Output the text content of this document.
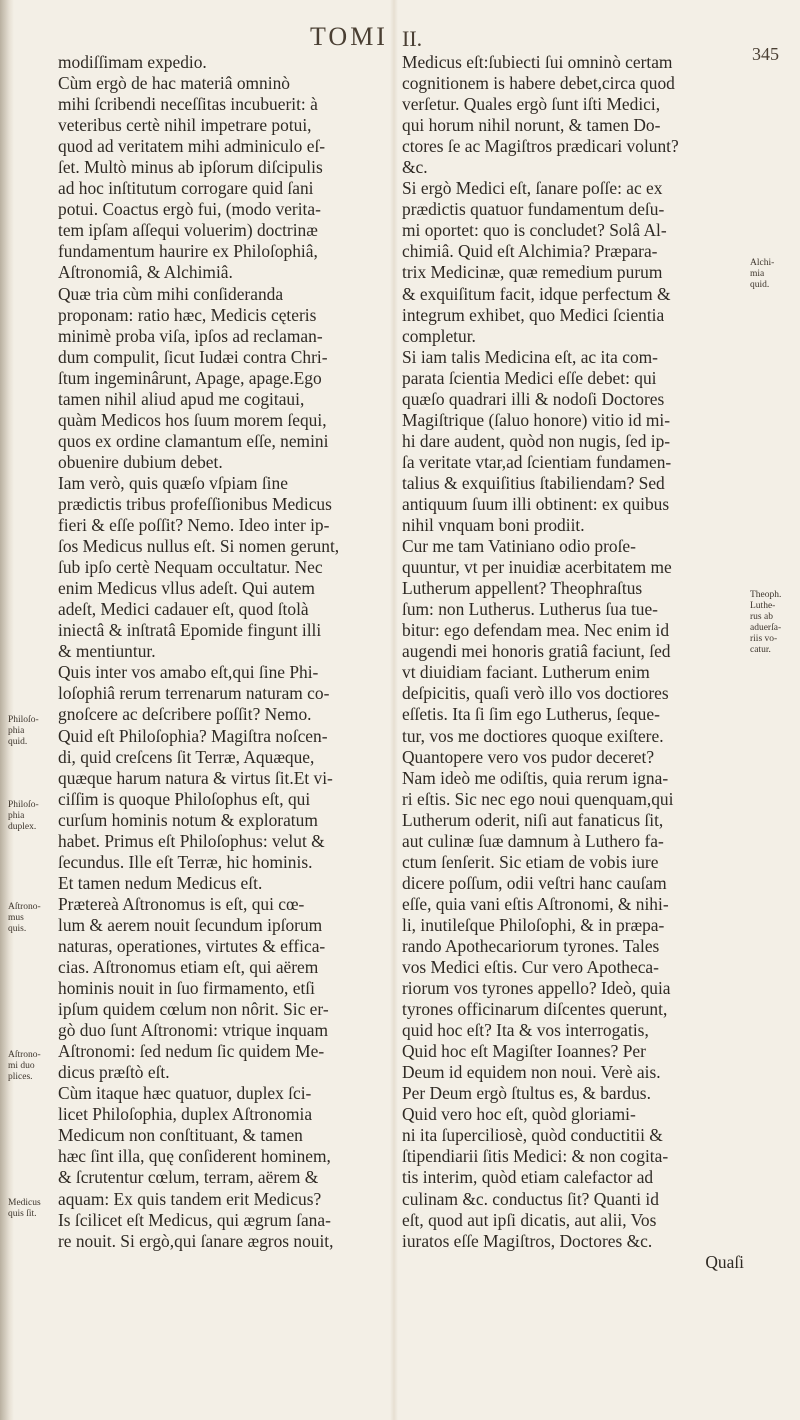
TOMI II.
345
modiſſimam expedio.
Cùm ergò de hac materiâ omninò
mihi ſcribendi neceſſitas incubuerit: à
veteribus certè nihil impetrare potui,
quod ad veritatem mihi adminiculo eſ-
ſet. Multò minus ab ipſorum diſcipulis
ad hoc inſtitutum corrogare quid ſani
potui. Coactus ergò fui, (modo verita-
tem ipſam aſſequi voluerim) doctrinæ
fundamentum haurire ex Philoſophiâ,
Aſtronomiâ, & Alchimiâ.
Quæ tria cùm mihi conſideranda
proponam: ratio hæc, Medicis cęteris
minimè proba viſa, ipſos ad reclaman-
dum compulit, ſicut Iudæi contra Chri-
ſtum ingeminârunt, Apage, apage.Ego
tamen nihil aliud apud me cogitaui,
quàm Medicos hos ſuum morem ſequi,
quos ex ordine clamantum eſſe, nemini
obuenire dubium debet.
Iam verò, quis quæſo vſpiam ſine
prædictis tribus profeſſionibus Medicus
fieri & eſſe poſſit? Nemo. Ideo inter ip-
ſos Medicus nullus eſt. Si nomen gerunt,
ſub ipſo certè Nequam occultatur. Nec
enim Medicus vllus adeſt. Qui autem
adeſt, Medici cadauer eſt, quod ſtolà
iniectâ & inſtratâ Epomide fingunt illi
& mentiuntur.
Quis inter vos amabo eſt,qui ſine Phi-
loſophiâ rerum terrenarum naturam co-
gnoſcere ac deſcribere poſſit? Nemo.
Quid eſt Philoſophia? Magiſtra noſcen-
di, quid creſcens ſit Terræ, Aquæque,
quæque harum natura & virtus ſit.Et vi-
ciſſim is quoque Philoſophus eſt, qui
curſum hominis notum & exploratum
habet. Primus eſt Philoſophus: velut &
ſecundus. Ille eſt Terræ, hic hominis.
Et tamen nedum Medicus eſt.
Prætereà Aſtronomus is eſt, qui cœ-
lum & aerem nouit ſecundum ipſorum
naturas, operationes, virtutes & effica-
cias. Aſtronomus etiam eſt, qui aërem
hominis nouit in ſuo firmamento, etſi
ipſum quidem cœlum non nôrit. Sic er-
gò duo ſunt Aſtronomi: vtrique inquam
Aſtronomi: ſed nedum ſic quidem Me-
dicus præſtò eſt.
Cùm itaque hæc quatuor, duplex ſci-
licet Philoſophia, duplex Aſtronomia
Medicum non conſtituant, & tamen
hæc ſint illa, quę conſiderent hominem,
& ſcrutentur cœlum, terram, aërem &
aquam: Ex quis tandem erit Medicus?
Is ſcilicet eſt Medicus, qui ægrum ſana-
re nouit. Si ergò,qui ſanare ægros nouit,
Medicus eſt:ſubiecti ſui omninò certam
cognitionem is habere debet,circa quod
verſetur. Quales ergò ſunt iſti Medici,
qui horum nihil norunt, & tamen Do-
ctores ſe ac Magiſtros prædicari volunt?
&c.
Si ergò Medici eſt, ſanare poſſe: ac ex
prædictis quatuor fundamentum deſu-
mi oportet: quo is concludet? Solâ Al-
chimiâ. Quid eſt Alchimia? Præpara-
trix Medicinæ, quæ remedium purum
& exquiſitum facit, idque perfectum &
integrum exhibet, quo Medici ſcientia
completur.
Si iam talis Medicina eſt, ac ita com-
parata ſcientia Medici eſſe debet: qui
quæſo quadrari illi & nodoſi Doctores
Magiſtrique (ſaluo honore) vitio id mi-
hi dare audent, quòd non nugis, ſed ip-
ſa veritate vtar,ad ſcientiam fundamen-
talius & exquiſitius ſtabiliendam? Sed
antiquum ſuum illi obtinent: ex quibus
nihil vnquam boni prodiit.
Cur me tam Vatiniano odio proſe-
quuntur, vt per inuidiæ acerbitatem me
Lutherum appellent? Theophraſtus
ſum: non Lutherus. Lutherus ſua tue-
bitur: ego defendam mea. Nec enim id
augendi mei honoris gratiâ faciunt, ſed
vt diuidiam faciant. Lutherum enim
deſpicitis, quaſi verò illo vos doctiores
eſſetis. Ita ſi ſim ego Lutherus, ſeque-
tur, vos me doctiores quoque exiſtere.
Quantopere vero vos pudor deceret?
Nam ideò me odiſtis, quia rerum igna-
ri eſtis. Sic nec ego noui quenquam,qui
Lutherum oderit, niſi aut fanaticus ſit,
aut culinæ ſuæ damnum à Luthero fa-
ctum ſenſerit. Sic etiam de vobis iure
dicere poſſum, odii veſtri hanc cauſam
eſſe, quia vani eſtis Aſtronomi, & nihi-
li, inutileſque Philoſophi, & in præpa-
rando Apothecariorum tyrones. Tales
vos Medici eſtis. Cur vero Apotheca-
riorum vos tyrones appello? Ideò, quia
tyrones officinarum diſcentes querunt,
quid hoc eſt? Ita & vos interrogatis,
Quid hoc eſt Magiſter Ioannes? Per
Deum id equidem non noui. Verè ais.
Per Deum ergò ſtultus es, & bardus.
Quid vero hoc eſt, quòd gloriami-
ni ita ſuperciliosè, quòd conductitii &
ſtipendiarii ſitis Medici: & non cogita-
tis interim, quòd etiam calefactor ad
culinam &c. conductus ſit? Quanti id
eſt, quod aut ipſi dicatis, aut alii, Vos
iuratos eſſe Magiſtros, Doctores &c.
Quaſi
Philoſo-
phia
quid.
Philoſo-
phia
duplex.
Aſtrono-
mus
quis.
Aſtrono-
mi duo
plices.
Medicus
quis ſit.
Alchi-
mia
quid.
Theoph.
Luthe-
rus ab
aduerſa-
riis vo-
catur.
